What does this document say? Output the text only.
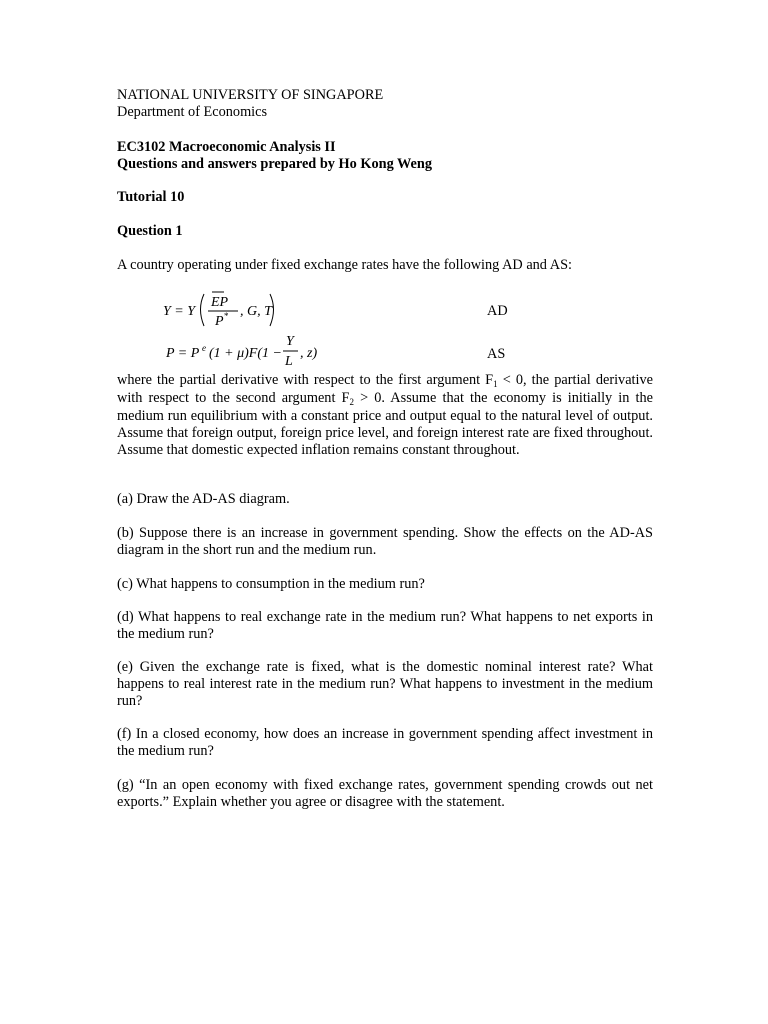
NATIONAL UNIVERSITY OF SINGAPORE

Department of Economics

EC3102 Macroeconomic Analysis II

Questions and answers prepared by Ho Kong Weng

Tutorial 10

Question 1

A country operating under fixed exchange rates have the following AD and AS:

Y = Y
EP
P * , G, T	AD
P = P e (1 + μ)F(1 −
Y
L
, z)	AS

where the partial derivative with respect to the first argument $F_1 < 0$, the partial derivative with respect to the second argument $F_2 > 0$. Assume that the economy is initially in the medium run equilibrium with a constant price and output equal to the natural level of output. Assume that foreign output, foreign price level, and foreign interest rate are fixed throughout. Assume that domestic expected inflation remains constant throughout.

(a) Draw the AD-AS diagram.

(b) Suppose there is an increase in government spending. Show the effects on the AD-AS diagram in the short run and the medium run.

(c) What happens to consumption in the medium run?

(d) What happens to real exchange rate in the medium run? What happens to net exports in the medium run?

(e) Given the exchange rate is fixed, what is the domestic nominal interest rate? What happens to real interest rate in the medium run? What happens to investment in the medium run?

(f) In a closed economy, how does an increase in government spending affect investment in the medium run?

(g) “In an open economy with fixed exchange rates, government spending crowds out net exports.” Explain whether you agree or disagree with the statement.
